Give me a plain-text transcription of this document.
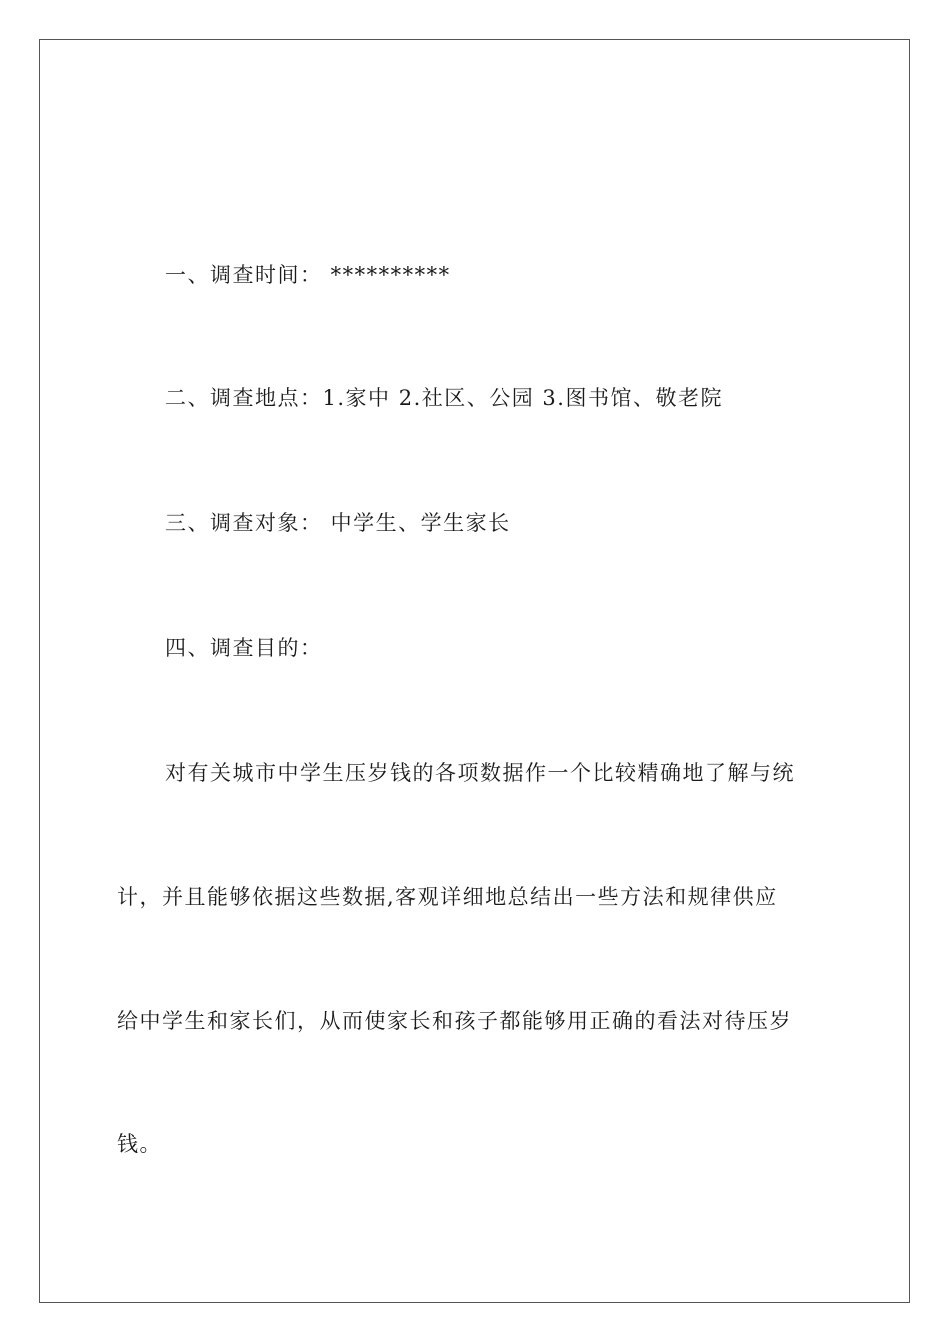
一、调查时间： **********
二、调查地点：1.家中 2.社区、公园 3.图书馆、敬老院
三、调查对象： 中学生、学生家长
四、调查目的：
对有关城市中学生压岁钱的各项数据作一个比较精确地了解与统
计，并且能够依据这些数据,客观详细地总结出一些方法和规律供应
给中学生和家长们，从而使家长和孩子都能够用正确的看法对待压岁
钱。
